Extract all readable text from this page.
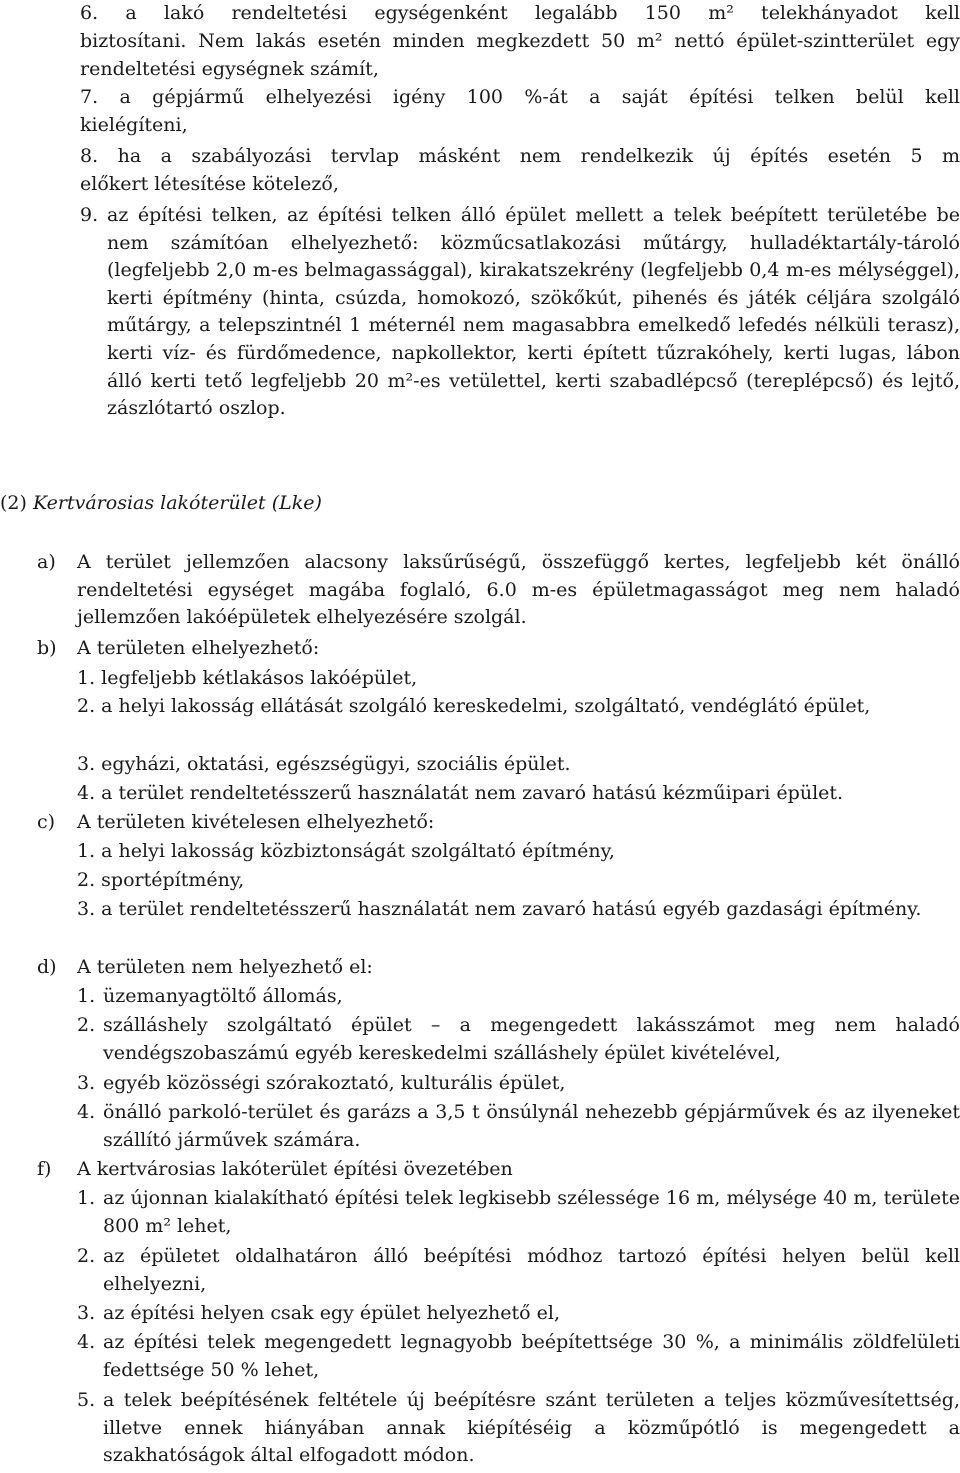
6. a lakó rendeltetési egységenként legalább 150 m² telekhányadot kell
biztosítani. Nem lakás esetén minden megkezdett 50 m² nettó épület-szintterület egy rendeltetési egységnek számít,
7. a gépjármű elhelyezési igény 100 %-át a saját építési telken belül kell
kielégíteni,
8. ha a szabályozási tervlap másként nem rendelkezik új építés esetén 5 m
előkert létesítése kötelező,
9. az építési telken, az építési telken álló épület mellett a telek beépített területébe be nem számítóan elhelyezhető: közműcsatlakozási műtárgy, hulladéktartály-tároló (legfeljebb 2,0 m-es belmagassággal), kirakatszekrény (legfeljebb 0,4 m-es mélységgel), kerti építmény (hinta, csúzda, homokozó, szökőkút, pihenés és játék céljára szolgáló műtárgy, a telepszintnél 1 méternél nem magasabbra emelkedő lefedés nélküli terasz), kerti víz- és fürdőmedence, napkollektor, kerti épített tűzrakóhely, kerti lugas, lábon álló kerti tető legfeljebb 20 m²-es vetülettel, kerti szabadlépcső (tereplépcső) és lejtő, zászlótartó oszlop.
(2) Kertvárosias lakóterület (Lke)
a) A terület jellemzően alacsony laksűrűségű, összefüggő kertes, legfeljebb két önálló rendeltetési egységet magába foglaló, 6.0 m-es épületmagasságot meg nem haladó jellemzően lakóépületek elhelyezésére szolgál.
b) A területen elhelyezhető:
1. legfeljebb kétlakásos lakóépület,
2. a helyi lakosság ellátását szolgáló kereskedelmi, szolgáltató, vendéglátó épület,
3. egyházi, oktatási, egészségügyi, szociális épület.
4. a terület rendeltetésszerű használatát nem zavaró hatású kézműipari épület.
c) A területen kivételesen elhelyezhető:
1. a helyi lakosság közbiztonságát szolgáltató építmény,
2. sportépítmény,
3. a terület rendeltetésszerű használatát nem zavaró hatású egyéb gazdasági építmény.
d) A területen nem helyezhető el:
1. üzemanyagtöltő állomás,
2. szálláshely szolgáltató épület – a megengedett lakásszámot meg nem haladó vendégszobaszámú egyéb kereskedelmi szálláshely épület kivételével,
3. egyéb közösségi szórakoztató, kulturális épület,
4. önálló parkoló-terület és garázs a 3,5 t önsúlynál nehezebb gépjárművek és az ilyeneket szállító járművek számára.
f) A kertvárosias lakóterület építési övezetében
1. az újonnan kialakítható építési telek legkisebb szélessége 16 m, mélysége 40 m, területe 800 m² lehet,
2. az épületet oldalhatáron álló beépítési módhoz tartozó építési helyen belül kell elhelyezni,
3. az építési helyen csak egy épület helyezhető el,
4. az építési telek megengedett legnagyobb beépítettsége 30 %, a minimális zöldfelületi fedettsége 50 % lehet,
5. a telek beépítésének feltétele új beépítésre szánt területen a teljes közművesítettség, illetve ennek hiányában annak kiépítéséig a közműpótló is megengedett a szakhatóságok által elfogadott módon.
